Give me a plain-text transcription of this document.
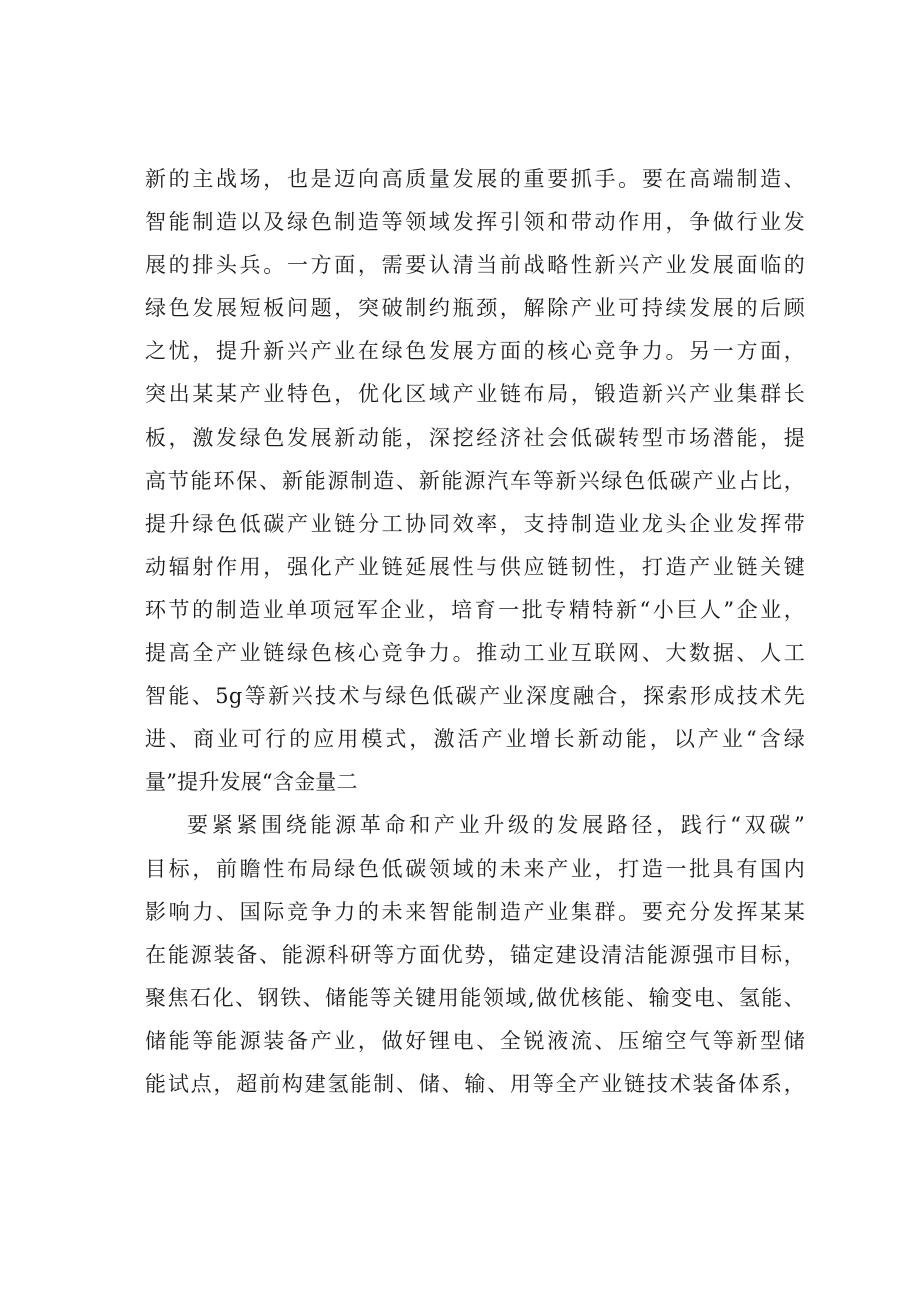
新的主战场，也是迈向高质量发展的重要抓手。要在高端制造、
智能制造以及绿色制造等领域发挥引领和带动作用，争做行业发
展的排头兵。一方面，需要认清当前战略性新兴产业发展面临的
绿色发展短板问题，突破制约瓶颈，解除产业可持续发展的后顾
之忧，提升新兴产业在绿色发展方面的核心竞争力。另一方面，
突出某某产业特色，优化区域产业链布局，锻造新兴产业集群长
板，激发绿色发展新动能，深挖经济社会低碳转型市场潜能，提
高节能环保、新能源制造、新能源汽车等新兴绿色低碳产业占比，
提升绿色低碳产业链分工协同效率，支持制造业龙头企业发挥带
动辐射作用，强化产业链延展性与供应链韧性，打造产业链关键
环节的制造业单项冠军企业，培育一批专精特新“小巨人”企业，
提高全产业链绿色核心竞争力。推动工业互联网、大数据、人工
智能、5g等新兴技术与绿色低碳产业深度融合，探索形成技术先
进、商业可行的应用模式，激活产业增长新动能，以产业“含绿
量”提升发展“含金量二
要紧紧围绕能源革命和产业升级的发展路径，践行“双碳”
目标，前瞻性布局绿色低碳领域的未来产业，打造一批具有国内
影响力、国际竞争力的未来智能制造产业集群。要充分发挥某某
在能源装备、能源科研等方面优势，锚定建设清洁能源强市目标，
聚焦石化、钢铁、储能等关键用能领域,做优核能、输变电、氢能、
储能等能源装备产业，做好锂电、全锐液流、压缩空气等新型储
能试点，超前构建氢能制、储、输、用等全产业链技术装备体系，
